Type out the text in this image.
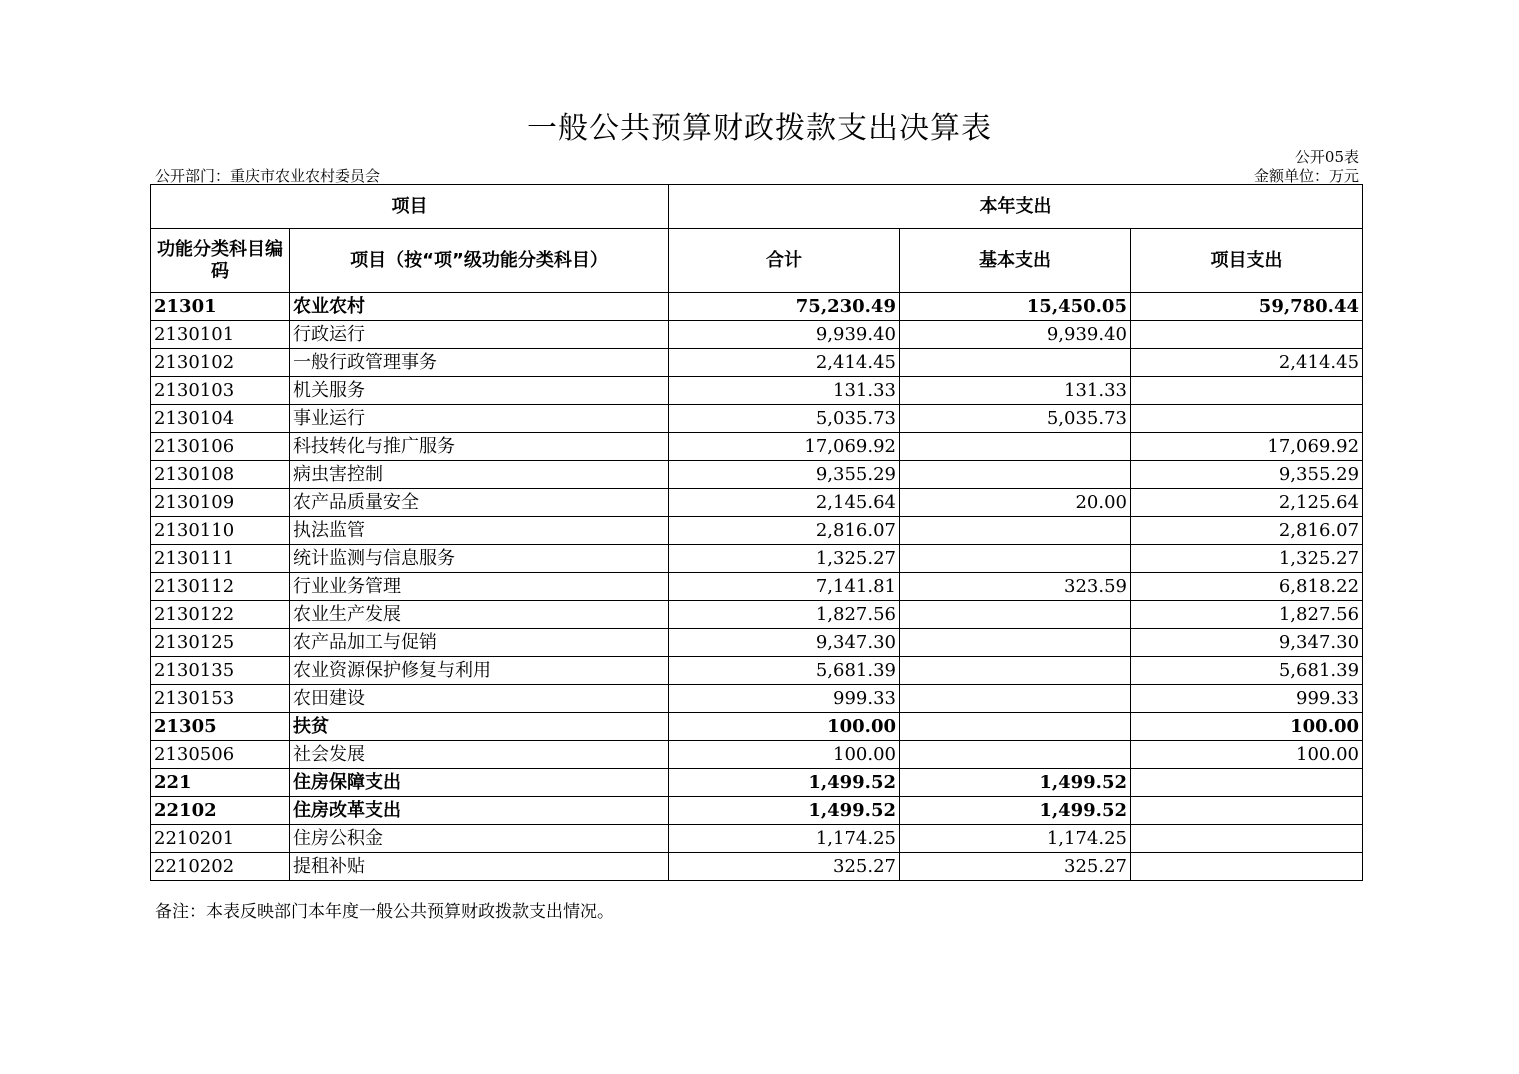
一般公共预算财政拨款支出决算表
公开05表
公开部门：重庆市农业农村委员会	金额单位：万元
项目		本年支出		
功能分类科目编码	项目（按“项”级功能分类科目）	合计	基本支出	项目支出
21301	农业农村	75,230.49	15,450.05	59,780.44
2130101	行政运行	9,939.40	9,939.40	
2130102	一般行政管理事务	2,414.45		2,414.45
2130103	机关服务	131.33	131.33	
2130104	事业运行	5,035.73	5,035.73	
2130106	科技转化与推广服务	17,069.92		17,069.92
2130108	病虫害控制	9,355.29		9,355.29
2130109	农产品质量安全	2,145.64	20.00	2,125.64
2130110	执法监管	2,816.07		2,816.07
2130111	统计监测与信息服务	1,325.27		1,325.27
2130112	行业业务管理	7,141.81	323.59	6,818.22
2130122	农业生产发展	1,827.56		1,827.56
2130125	农产品加工与促销	9,347.30		9,347.30
2130135	农业资源保护修复与利用	5,681.39		5,681.39
2130153	农田建设	999.33		999.33
21305	扶贫	100.00		100.00
2130506	社会发展	100.00		100.00
221	住房保障支出	1,499.52	1,499.52	
22102	住房改革支出	1,499.52	1,499.52	
2210201	住房公积金	1,174.25	1,174.25	
2210202	提租补贴	325.27	325.27	
备注：本表反映部门本年度一般公共预算财政拨款支出情况。
